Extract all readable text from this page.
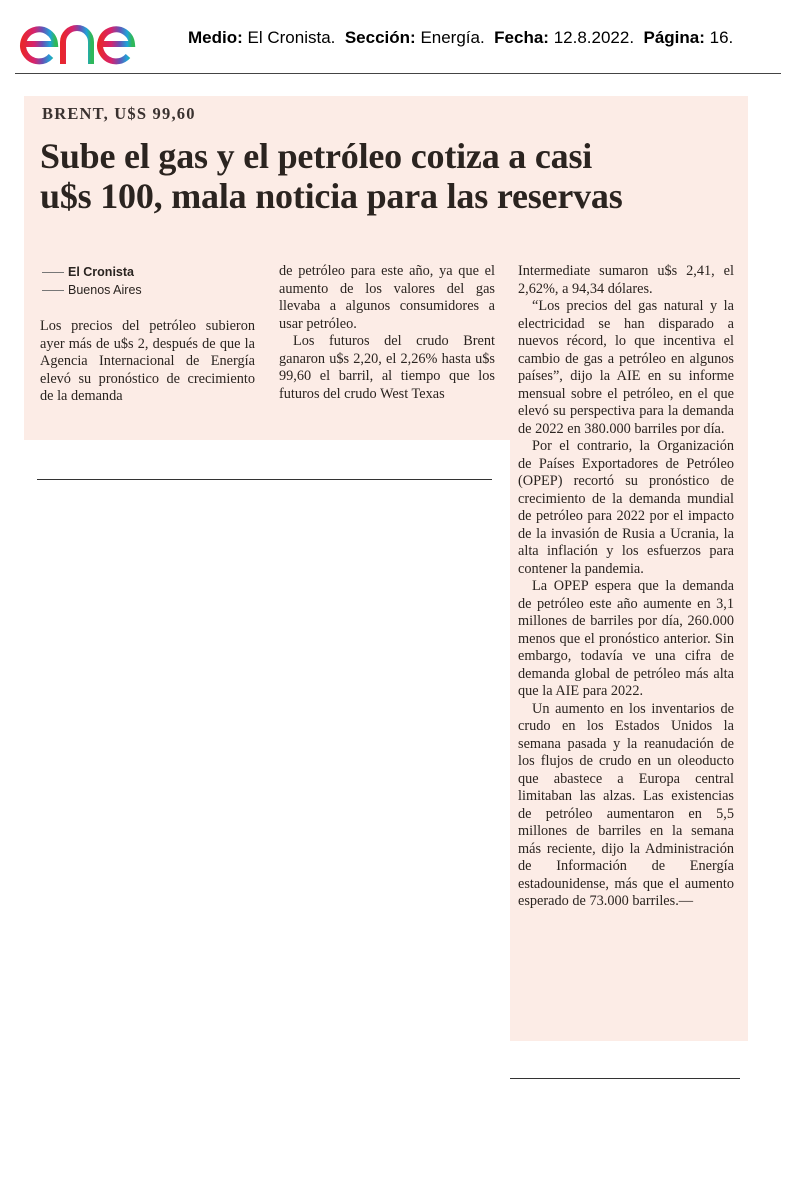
Medio: El Cronista. Sección: Energía. Fecha: 12.8.2022. Página: 16.
BRENT, U$S 99,60
Sube el gas y el petróleo cotiza a casi
u$s 100, mala noticia para las reservas
El Cronista
Buenos Aires

Los precios del petróleo subieron ayer más de u$s 2, después de que la Agencia Internacional de Energía elevó su pronóstico de crecimiento de la demanda

de petróleo para este año, ya que el aumento de los valores del gas llevaba a algunos consumidores a usar petróleo.

Los futuros del crudo Brent ganaron u$s 2,20, el 2,26% hasta u$s 99,60 el barril, al tiempo que los futuros del crudo West Texas

Intermediate sumaron u$s 2,41, el 2,62%, a 94,34 dólares.

“Los precios del gas natural y la electricidad se han disparado a nuevos récord, lo que incentiva el cambio de gas a petróleo en algunos países”, dijo la AIE en su informe mensual sobre el petróleo, en el que elevó su perspectiva para la demanda de 2022 en 380.000 barriles por día.

Por el contrario, la Organización de Países Exportadores de Petróleo (OPEP) recortó su pronóstico de crecimiento de la demanda mundial de petróleo para 2022 por el impacto de la invasión de Rusia a Ucrania, la alta inflación y los esfuerzos para contener la pandemia.

La OPEP espera que la demanda de petróleo este año aumente en 3,1 millones de barriles por día, 260.000 menos que el pronóstico anterior. Sin embargo, todavía ve una cifra de demanda global de petróleo más alta que la AIE para 2022.

Un aumento en los inventarios de crudo en los Estados Unidos la semana pasada y la reanudación de los flujos de crudo en un oleoducto que abastece a Europa central limitaban las alzas. Las existencias de petróleo aumentaron en 5,5 millones de barriles en la semana más reciente, dijo la Administración de Información de Energía estadounidense, más que el aumento esperado de 73.000 barriles.—
